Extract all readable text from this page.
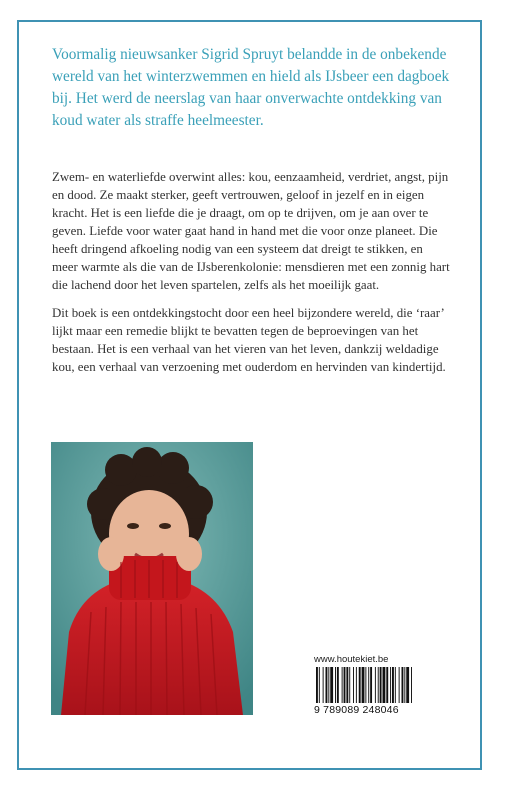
Voormalig nieuwsanker Sigrid Spruyt belandde in de onbekende wereld van het winterzwemmen en hield als IJsbeer een dagboek bij. Het werd de neerslag van haar onverwachte ontdekking van koud water als straffe heelmeester.

Zwem- en waterliefde overwint alles: kou, eenzaamheid, verdriet, angst, pijn en dood. Ze maakt sterker, geeft vertrouwen, geloof in jezelf en in eigen kracht. Het is een liefde die je draagt, om op te drijven, om je aan over te geven. Liefde voor water gaat hand in hand met die voor onze planeet. Die heeft dringend afkoeling nodig van een systeem dat dreigt te stikken, en meer warmte als die van de IJsberenkolonie: mensdieren met een zonnig hart die lachend door het leven spartelen, zelfs als het moeilijk gaat.

Dit boek is een ontdekkingstocht door een heel bijzondere wereld, die ‘raar’ lijkt maar een remedie blijkt te bevatten tegen de beproevingen van het bestaan. Het is een verhaal van het vieren van het leven, dankzij weldadige kou, een verhaal van verzoening met ouderdom en hervinden van kindertijd.

www.houtekiet.be
9 789089 248046
